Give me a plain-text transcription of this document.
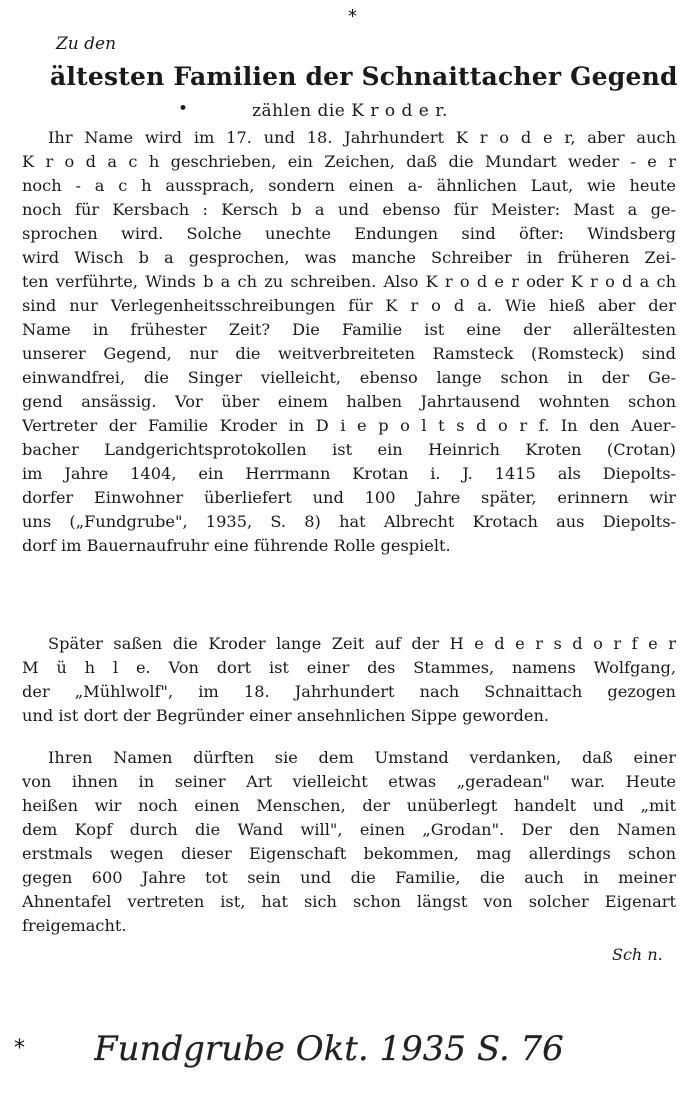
*
Zu den
ältesten Familien der Schnaittacher Gegend
•	zählen die K r o d e r.
Ihr Name wird im 17. und 18. Jahrhundert K r o d e r, aber auch
K r o d a c h geschrieben, ein Zeichen, daß die Mundart weder - e r
noch - a c h aussprach, sondern einen a- ähnlichen Laut, wie heute
noch für Kersbach : Kersch b a und ebenso für Meister: Mast a ge-
sprochen wird. Solche unechte Endungen sind öfter: Windsberg
wird Wisch b a gesprochen, was manche Schreiber in früheren Zei-
ten verführte, Winds b a ch zu schreiben. Also K r o d e r oder K r o d a ch
sind nur Verlegenheitsschreibungen für K r o d a. Wie hieß aber der
Name in frühester Zeit? Die Familie ist eine der allerältesten
unserer Gegend, nur die weitverbreiteten Ramsteck (Romsteck) sind
einwandfrei, die Singer vielleicht, ebenso lange schon in der Ge-
gend ansässig. Vor über einem halben Jahrtausend wohnten schon
Vertreter der Familie Kroder in D i e p o l t s d o r f. In den Auer-
bacher Landgerichtsprotokollen ist ein Heinrich Kroten (Crotan)
im Jahre 1404, ein Herrmann Krotan i. J. 1415 als Diepolts-
dorfer Einwohner überliefert und 100 Jahre später, erinnern wir
uns („Fundgrube", 1935, S. 8) hat Albrecht Krotach aus Diepolts-
dorf im Bauernaufruhr eine führende Rolle gespielt.
Später saßen die Kroder lange Zeit auf der H e d e r s d o r f e r
M ü h l e. Von dort ist einer des Stammes, namens Wolfgang,
der „Mühlwolf", im 18. Jahrhundert nach Schnaittach gezogen
und ist dort der Begründer einer ansehnlichen Sippe geworden.
Ihren Namen dürften sie dem Umstand verdanken, daß einer
von ihnen in seiner Art vielleicht etwas „geradean" war. Heute
heißen wir noch einen Menschen, der unüberlegt handelt und „mit
dem Kopf durch die Wand will", einen „Grodan". Der den Namen
erstmals wegen dieser Eigenschaft bekommen, mag allerdings schon
gegen 600 Jahre tot sein und die Familie, die auch in meiner
Ahnentafel vertreten ist, hat sich schon längst von solcher Eigenart
freigemacht.
Sch n.
* Fundgrube Okt. 1935 S. 76
